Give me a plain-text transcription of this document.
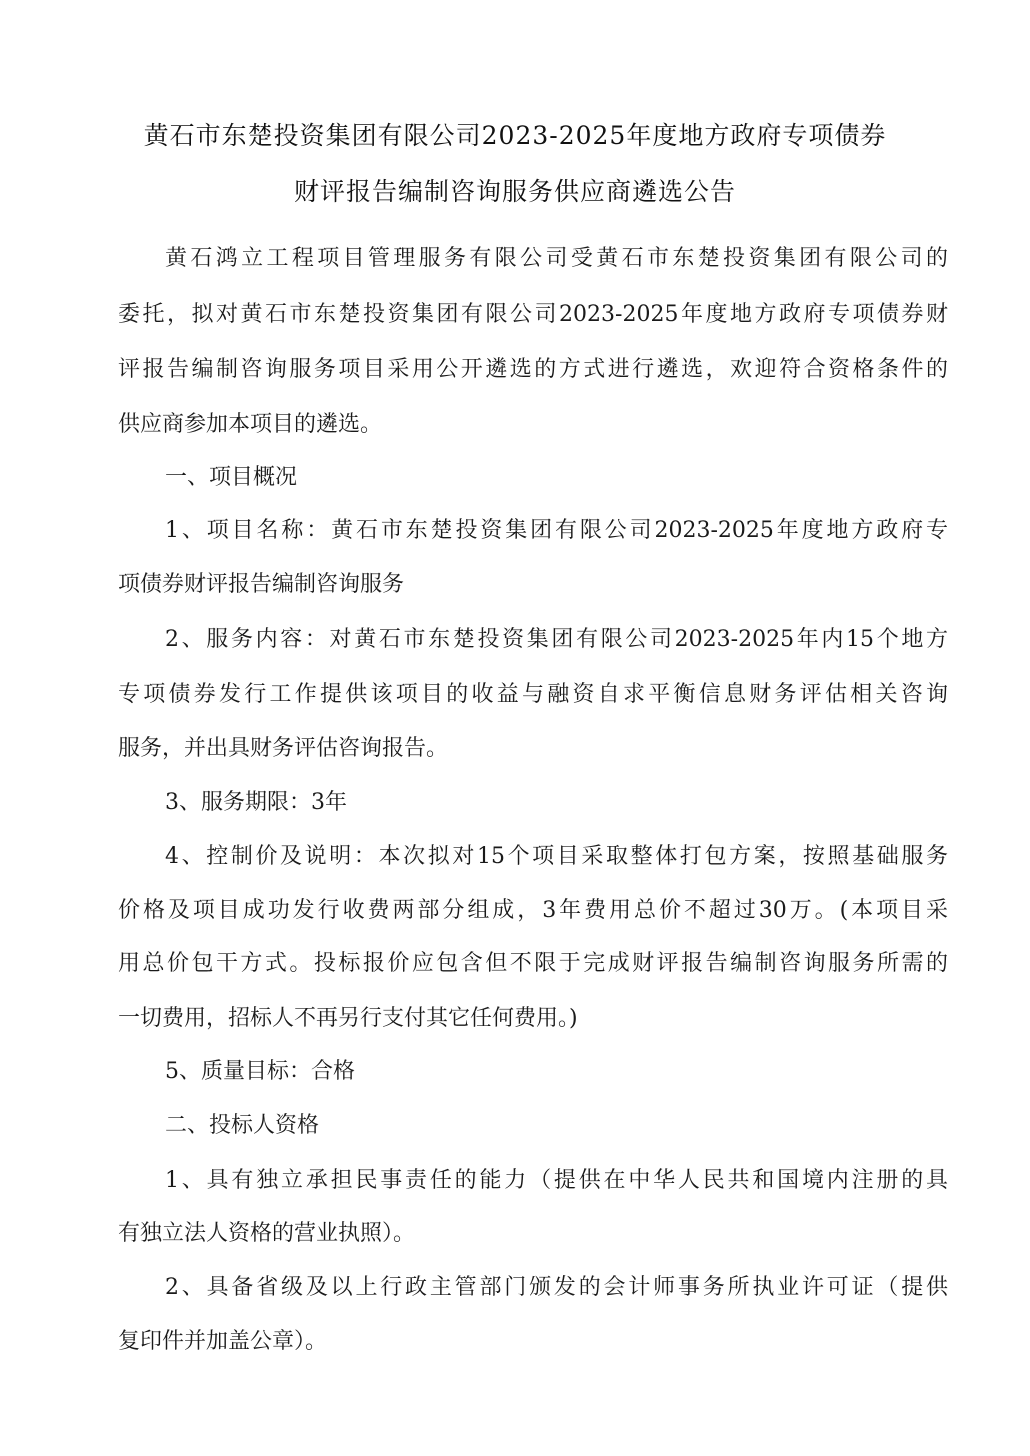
黄石市东楚投资集团有限公司2023-2025年度地方政府专项债券
财评报告编制咨询服务供应商遴选公告
黄石鸿立工程项目管理服务有限公司受黄石市东楚投资集团有限公司的
委托，拟对黄石市东楚投资集团有限公司2023-2025年度地方政府专项债券财
评报告编制咨询服务项目采用公开遴选的方式进行遴选，欢迎符合资格条件的
供应商参加本项目的遴选。
一、项目概况
1、项目名称：黄石市东楚投资集团有限公司2023-2025年度地方政府专
项债券财评报告编制咨询服务
2、服务内容：对黄石市东楚投资集团有限公司2023-2025年内15个地方
专项债券发行工作提供该项目的收益与融资自求平衡信息财务评估相关咨询
服务，并出具财务评估咨询报告。
3、服务期限：3年
4、控制价及说明：本次拟对15个项目采取整体打包方案，按照基础服务
价格及项目成功发行收费两部分组成，3年费用总价不超过30万。(本项目采
用总价包干方式。投标报价应包含但不限于完成财评报告编制咨询服务所需的
一切费用，招标人不再另行支付其它任何费用。)
5、质量目标：合格
二、投标人资格
1、具有独立承担民事责任的能力（提供在中华人民共和国境内注册的具
有独立法人资格的营业执照）。
2、具备省级及以上行政主管部门颁发的会计师事务所执业许可证（提供
复印件并加盖公章）。
